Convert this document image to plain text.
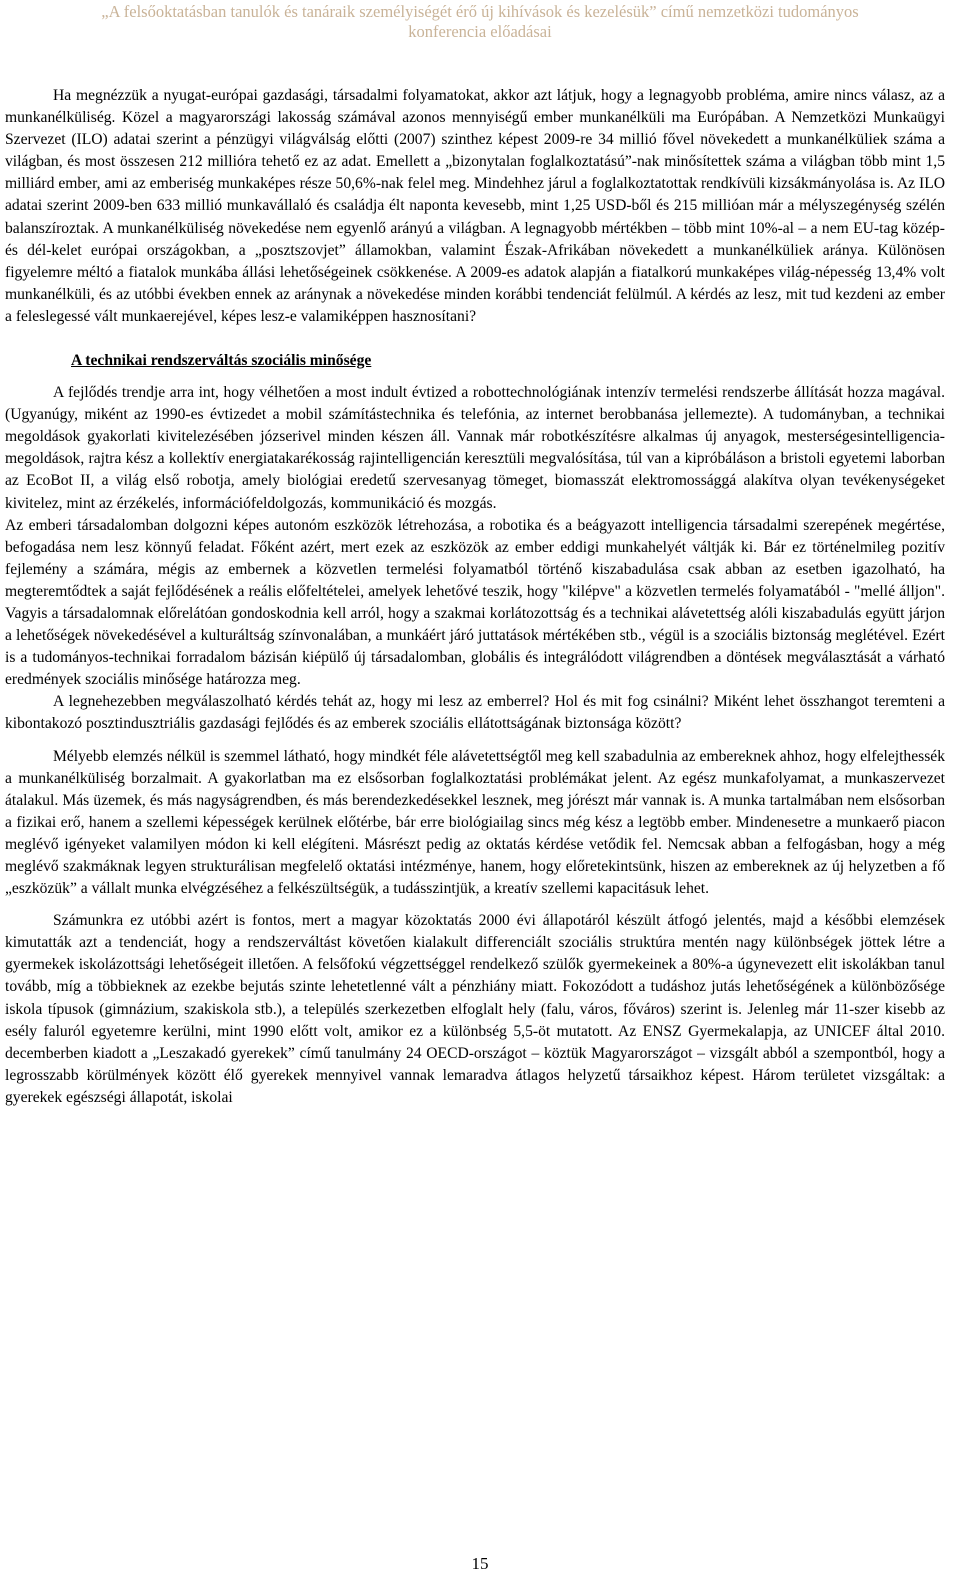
„A felsőoktatásban tanulók és tanáraik személyiségét érő új kihívások és kezelésük” című nemzetközi tudományos
konferencia előadásai

Ha megnézzük a nyugat-európai gazdasági, társadalmi folyamatokat, akkor azt látjuk, hogy a legnagyobb probléma, amire nincs válasz, az a munkanélküliség. Közel a magyarországi lakosság számával azonos mennyiségű ember munkanélküli ma Európában. A Nemzetközi Munkaügyi Szervezet (ILO) adatai szerint a pénzügyi világválság előtti (2007) szinthez képest 2009-re 34 millió fővel növekedett a munkanélküliek száma a világban, és most összesen 212 millióra tehető ez az adat. Emellett a „bizonytalan foglalkoztatású”-nak minősítettek száma a világban több mint 1,5 milliárd ember, ami az emberiség munkaképes része 50,6%-nak felel meg. Mindehhez járul a foglalkoztatottak rendkívüli kizsákmányolása is. Az ILO adatai szerint 2009-ben 633 millió munkavállaló és családja élt naponta kevesebb, mint 1,25 USD-ből és 215 millióan már a mélyszegénység szélén balanszíroztak. A munkanélküliség növekedése nem egyenlő arányú a világban. A legnagyobb mértékben – több mint 10%-al – a nem EU-tag közép- és dél-kelet európai országokban, a „posztszovjet” államokban, valamint Észak-Afrikában növekedett a munkanélküliek aránya. Különösen figyelemre méltó a fiatalok munkába állási lehetőségeinek csökkenése. A 2009-es adatok alapján a fiatalkorú munkaképes világ-népesség 13,4% volt munkanélküli, és az utóbbi években ennek az aránynak a növekedése minden korábbi tendenciát felülmúl. A kérdés az lesz, mit tud kezdeni az ember a feleslegessé vált munkaerejével, képes lesz-e valamiképpen hasznosítani?

A technikai rendszerváltás szociális minősége

A fejlődés trendje arra int, hogy vélhetően a most indult évtized a robottechnológiának intenzív termelési rendszerbe állítását hozza magával. (Ugyanúgy, miként az 1990-es évtizedet a mobil számítástechnika és telefónia, az internet berobbanása jellemezte). A tudományban, a technikai megoldások gyakorlati kivitelezésében józserivel minden készen áll. Vannak már robotkészítésre alkalmas új anyagok, mesterségesintelligencia-megoldások, rajtra kész a kollektív energiatakarékosság rajintelligencián keresztüli megvalósítása, túl van a kipróbáláson a bristoli egyetemi laborban az EcoBot II, a világ első robotja, amely biológiai eredetű szervesanyag tömeget, biomasszát elektromossággá alakítva olyan tevékenységeket kivitelez, mint az érzékelés, információfeldolgozás, kommunikáció és mozgás.

Az emberi társadalomban dolgozni képes autonóm eszközök létrehozása, a robotika és a beágyazott intelligencia társadalmi szerepének megértése, befogadása nem lesz könnyű feladat. Főként azért, mert ezek az eszközök az ember eddigi munkahelyét váltják ki. Bár ez történelmileg pozitív fejlemény a számára, mégis az embernek a közvetlen termelési folyamatból történő kiszabadulása csak abban az esetben igazolható, ha megteremtődtek a saját fejlődésének a reális előfeltételei, amelyek lehetővé teszik, hogy "kilépve" a közvetlen termelés folyamatából - "mellé álljon". Vagyis a társadalomnak előrelátóan gondoskodnia kell arról, hogy a szakmai korlátozottság és a technikai alávetettség alóli kiszabadulás együtt járjon a lehetőségek növekedésével a kulturáltság színvonalában, a munkáért járó juttatások mértékében stb., végül is a szociális biztonság meglétével. Ezért is a tudományos-technikai forradalom bázisán kiépülő új társadalomban, globális és integrálódott világrendben a döntések megválasztását a várható eredmények szociális minősége határozza meg.

A legnehezebben megválaszolható kérdés tehát az, hogy mi lesz az emberrel? Hol és mit fog csinálni? Miként lehet összhangot teremteni a kibontakozó posztindusztriális gazdasági fejlődés és az emberek szociális ellátottságának biztonsága között?

Mélyebb elemzés nélkül is szemmel látható, hogy mindkét féle alávetettségtől meg kell szabadulnia az embereknek ahhoz, hogy elfelejthessék a munkanélküliség borzalmait. A gyakorlatban ma ez elsősorban foglalkoztatási problémákat jelent. Az egész munkafolyamat, a munkaszervezet átalakul. Más üzemek, és más nagyságrendben, és más berendezkedésekkel lesznek, meg jórészt már vannak is. A munka tartalmában nem elsősorban a fizikai erő, hanem a szellemi képességek kerülnek előtérbe, bár erre biológiailag sincs még kész a legtöbb ember. Mindenesetre a munkaerő piacon meglévő igényeket valamilyen módon ki kell elégíteni. Másrészt pedig az oktatás kérdése vetődik fel. Nemcsak abban a felfogásban, hogy a még meglévő szakmáknak legyen strukturálisan megfelelő oktatási intézménye, hanem, hogy előretekintsünk, hiszen az embereknek az új helyzetben a fő „eszközük” a vállalt munka elvégzéséhez a felkészültségük, a tudásszintjük, a kreatív szellemi kapacitásuk lehet.

Számunkra ez utóbbi azért is fontos, mert a magyar közoktatás 2000 évi állapotáról készült átfogó jelentés, majd a későbbi elemzések kimutatták azt a tendenciát, hogy a rendszerváltást követően kialakult differenciált szociális struktúra mentén nagy különbségek jöttek létre a gyermekek iskolázottsági lehetőségeit illetően. A felsőfokú végzettséggel rendelkező szülők gyermekeinek a 80%-a úgynevezett elit iskolákban tanul tovább, míg a többieknek az ezekbe bejutás szinte lehetetlenné vált a pénzhiány miatt. Fokozódott a tudáshoz jutás lehetőségének a különbözősége iskola típusok (gimnázium, szakiskola stb.), a település szerkezetben elfoglalt hely (falu, város, főváros) szerint is. Jelenleg már 11-szer kisebb az esély faluról egyetemre kerülni, mint 1990 előtt volt, amikor ez a különbség 5,5-öt mutatott. Az ENSZ Gyermekalapja, az UNICEF által 2010. decemberben kiadott a „Leszakadó gyerekek” című tanulmány 24 OECD-országot – köztük Magyarországot – vizsgált abból a szempontból, hogy a legrosszabb körülmények között élő gyerekek mennyivel vannak lemaradva átlagos helyzetű társaikhoz képest. Három területet vizsgáltak: a gyerekek egészségi állapotát, iskolai

15
